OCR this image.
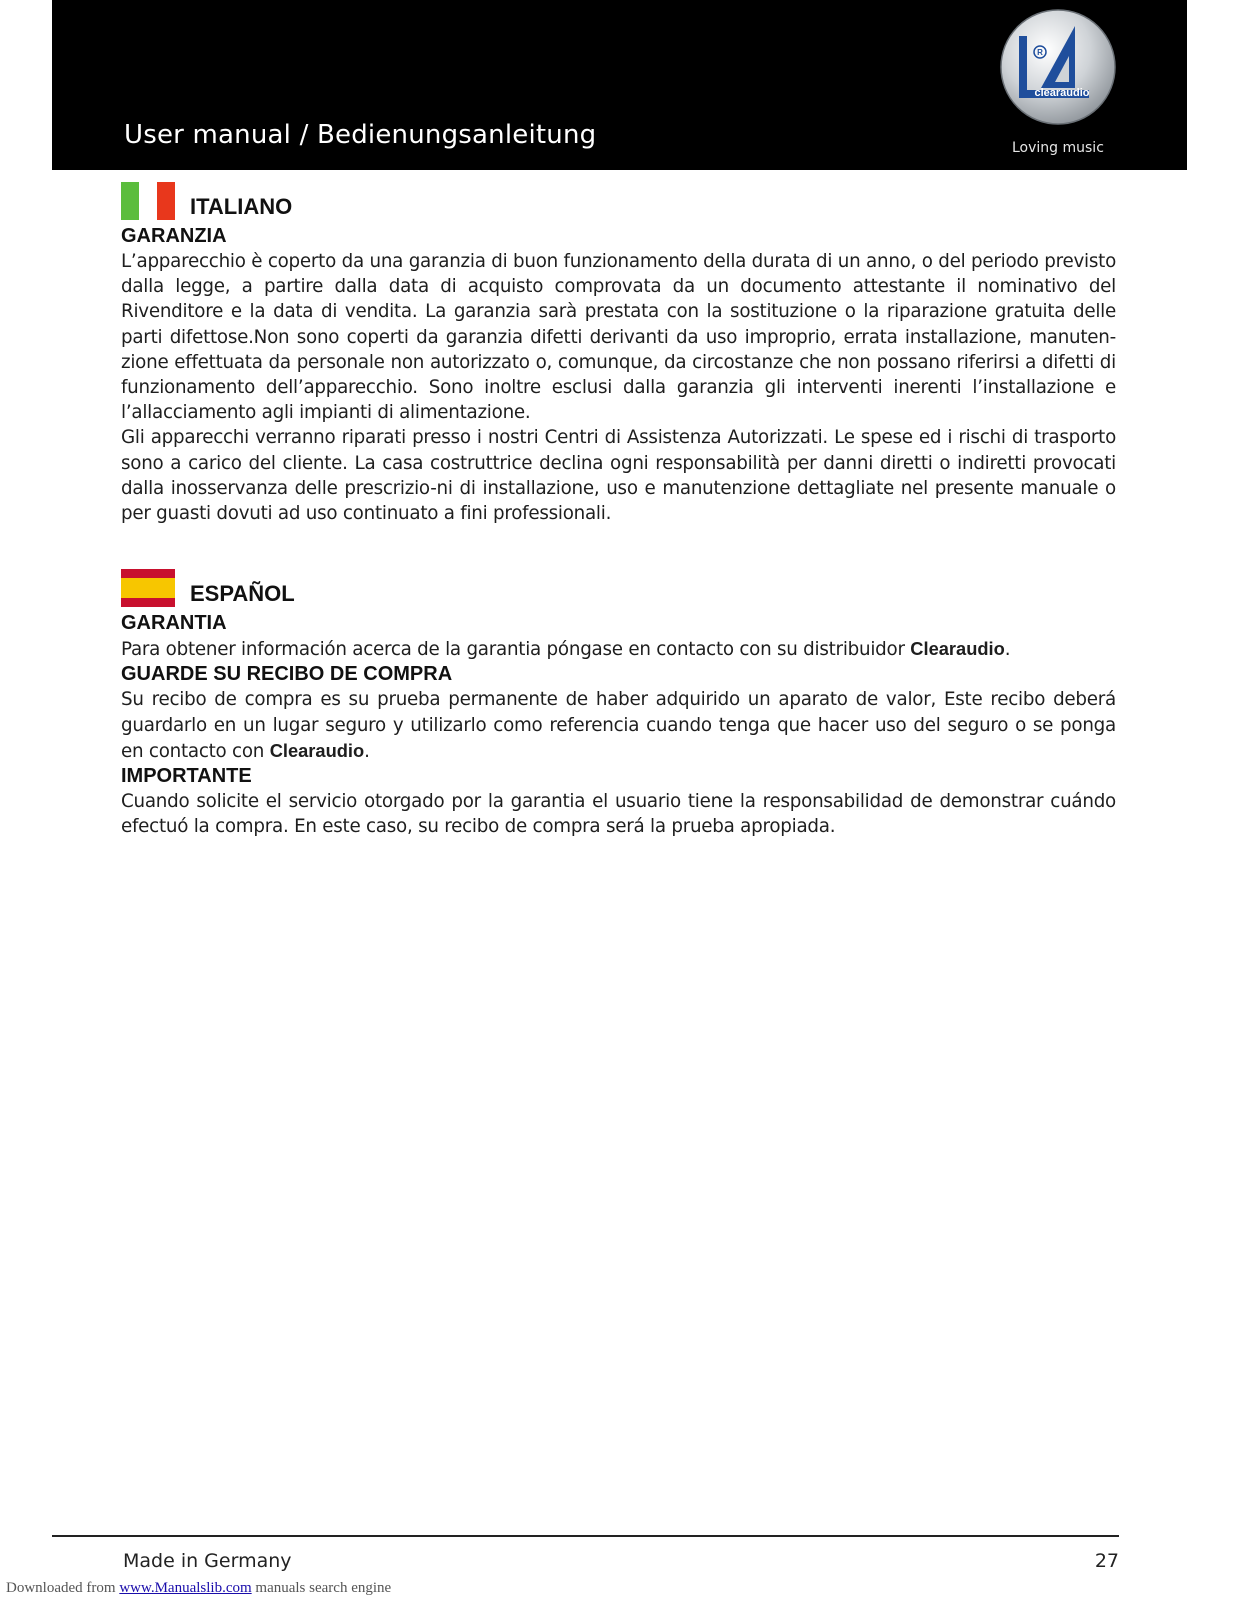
User manual / Bedienungsanleitung
R
clearaudio
Loving music
ITALIANO
GARANZIA

L’apparecchio è coperto da una garanzia di buon funzionamento della durata di un anno, o del periodo previsto dalla legge, a partire dalla data di acquisto comprovata da un documento attestante il nominativo del Rivenditore e la data di vendita. La garanzia sarà prestata con la sostituzione o la riparazione gratuita delle parti difettose.Non sono coperti da garanzia difetti derivanti da uso improprio, errata installazione, manuten-zione effettuata da personale non autorizzato o, comunque, da circostanze che non possano riferirsi a difetti di funzionamento dell’apparecchio. Sono inoltre esclusi dalla garanzia gli interventi inerenti l’installazione e l’allacciamento agli impianti di alimentazione.

Gli apparecchi verranno riparati presso i nostri Centri di Assistenza Autorizzati. Le spese ed i rischi di trasporto sono a carico del cliente. La casa costruttrice declina ogni responsabilità per danni diretti o indiretti provocati dalla inosservanza delle prescrizio-ni di installazione, uso e manutenzione dettagliate nel presente manuale o per guasti dovuti ad uso continuato a fini professionali.

ESPAÑOL
GARANTIA

Para obtener información acerca de la garantia póngase en contacto con su distribuidor Clearaudio.

GUARDE SU RECIBO DE COMPRA

Su recibo de compra es su prueba permanente de haber adquirido un aparato de valor, Este recibo deberá guardarlo en un lugar seguro y utilizarlo como referencia cuando tenga que hacer uso del seguro o se ponga en contacto con Clearaudio.

IMPORTANTE

Cuando solicite el servicio otorgado por la garantia el usuario tiene la responsabilidad de demonstrar cuándo efectuó la compra. En este caso, su recibo de compra será la prueba apropiada.

Made in Germany	27
Downloaded from www.Manualslib.com manuals search engine
